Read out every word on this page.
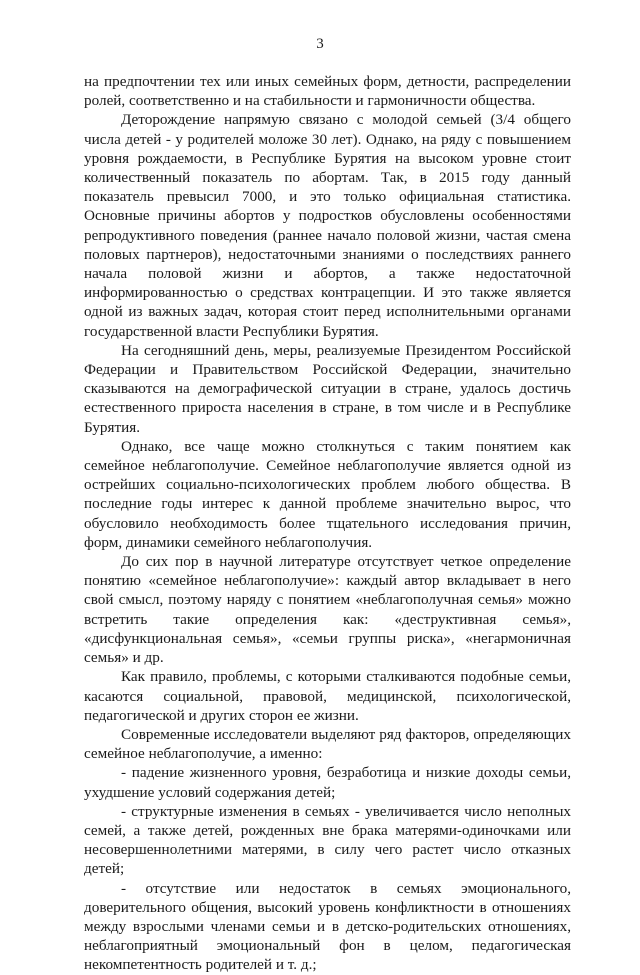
3

на предпочтении тех или иных семейных форм, детности, распределении ролей, соответственно и на стабильности и гармоничности общества.

Деторождение напрямую связано с молодой семьей (3/4 общего числа детей - у родителей моложе 30 лет). Однако, на ряду с повышением уровня рождаемости, в Республике Бурятия на высоком уровне стоит количественный показатель по абортам. Так, в 2015 году данный показатель превысил 7000, и это только официальная статистика. Основные причины абортов у подростков обусловлены особенностями репродуктивного поведения (раннее начало половой жизни, частая смена половых партнеров), недостаточными знаниями о последствиях раннего начала половой жизни и абортов, а также недостаточной информированностью о средствах контрацепции. И это также является одной из важных задач, которая стоит перед исполнительными органами государственной власти Республики Бурятия.

На сегодняшний день, меры, реализуемые Президентом Российской Федерации и Правительством Российской Федерации, значительно сказываются на демографической ситуации в стране, удалось достичь естественного прироста населения в стране, в том числе и в Республике Бурятия.

Однако, все чаще можно столкнуться с таким понятием как семейное неблагополучие. Семейное неблагополучие является одной из острейших социально-психологических проблем любого общества. В последние годы интерес к данной проблеме значительно вырос, что обусловило необходимость более тщательного исследования причин, форм, динамики семейного неблагополучия.

До сих пор в научной литературе отсутствует четкое определение понятию «семейное неблагополучие»: каждый автор вкладывает в него свой смысл, поэтому наряду с понятием «неблагополучная семья» можно встретить такие определения как: «деструктивная семья», «дисфункциональная семья», «семьи группы риска», «негармоничная семья» и др.

Как правило, проблемы, с которыми сталкиваются подобные семьи, касаются социальной, правовой, медицинской, психологической, педагогической и других сторон ее жизни.

Современные исследователи выделяют ряд факторов, определяющих семейное неблагополучие, а именно:

- падение жизненного уровня, безработица и низкие доходы семьи, ухудшение условий содержания детей;

- структурные изменения в семьях - увеличивается число неполных семей, а также детей, рожденных вне брака матерями-одиночками или несовершеннолетними матерями, в силу чего растет число отказных детей;

- отсутствие или недостаток в семьях эмоционального, доверительного общения, высокий уровень конфликтности в отношениях между взрослыми членами семьи и в детско-родительских отношениях, неблагоприятный эмоциональный фон в целом, педагогическая некомпетентность родителей и т. д.;
